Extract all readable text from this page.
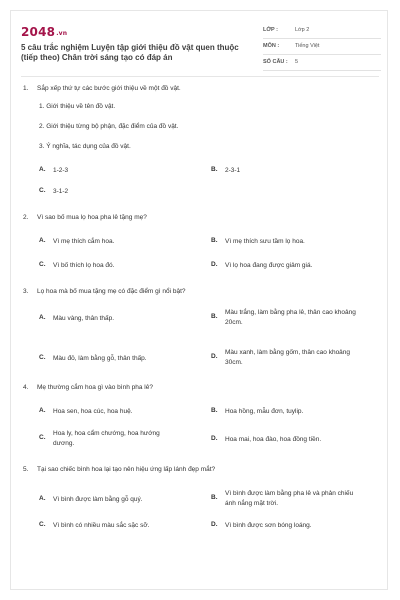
2048.vn
5 câu trắc nghiệm Luyện tập giới thiệu đồ vật quen thuộc (tiếp theo) Chân trời sáng tạo có đáp án
LỚP :	Lớp 2
MÔN :	Tiếng Việt
SỐ CÂU : 5
1. Sắp xếp thứ tự các bước giới thiệu về một đồ vật.
1. Giới thiệu về tên đồ vật.
2. Giới thiệu từng bộ phận, đặc điểm của đồ vật.
3. Ý nghĩa, tác dụng của đồ vật.
A. 1-2-3	B. 2-3-1
C. 3-1-2
2. Vì sao bố mua lọ hoa pha lê tặng mẹ?
A. Vì mẹ thích cắm hoa.	B. Vì mẹ thích sưu tầm lọ hoa.
C. Vì bố thích lọ hoa đó.	D. Vì lọ hoa đang được giảm giá.
3. Lọ hoa mà bố mua tặng mẹ có đặc điểm gì nổi bật?
A. Màu vàng, thân thấp.	B.
Màu trắng, làm bằng pha lê, thân cao khoảng 20cm.
C. Màu đỏ, làm bằng gỗ, thân thấp.	D.
Màu xanh, làm bằng gốm, thân cao khoảng 30cm.
4. Mẹ thường cắm hoa gì vào bình pha lê?
A. Hoa sen, hoa cúc, hoa huệ.	B. Hoa hồng, mẫu đơn, tuylip.
C.
Hoa ly, hoa cẩm chướng, hoa hướng dương.
D. Hoa mai, hoa đào, hoa đồng tiền.
5. Tại sao chiếc bình hoa lại tạo nên hiệu ứng lấp lánh đẹp mắt?
A. Vì bình được làm bằng gỗ quý.	B.
Vì bình được làm bằng pha lê và phản chiếu ánh nắng mặt trời.
C. Vì bình có nhiều màu sắc sặc sỡ.	D. Vì bình được sơn bóng loáng.
